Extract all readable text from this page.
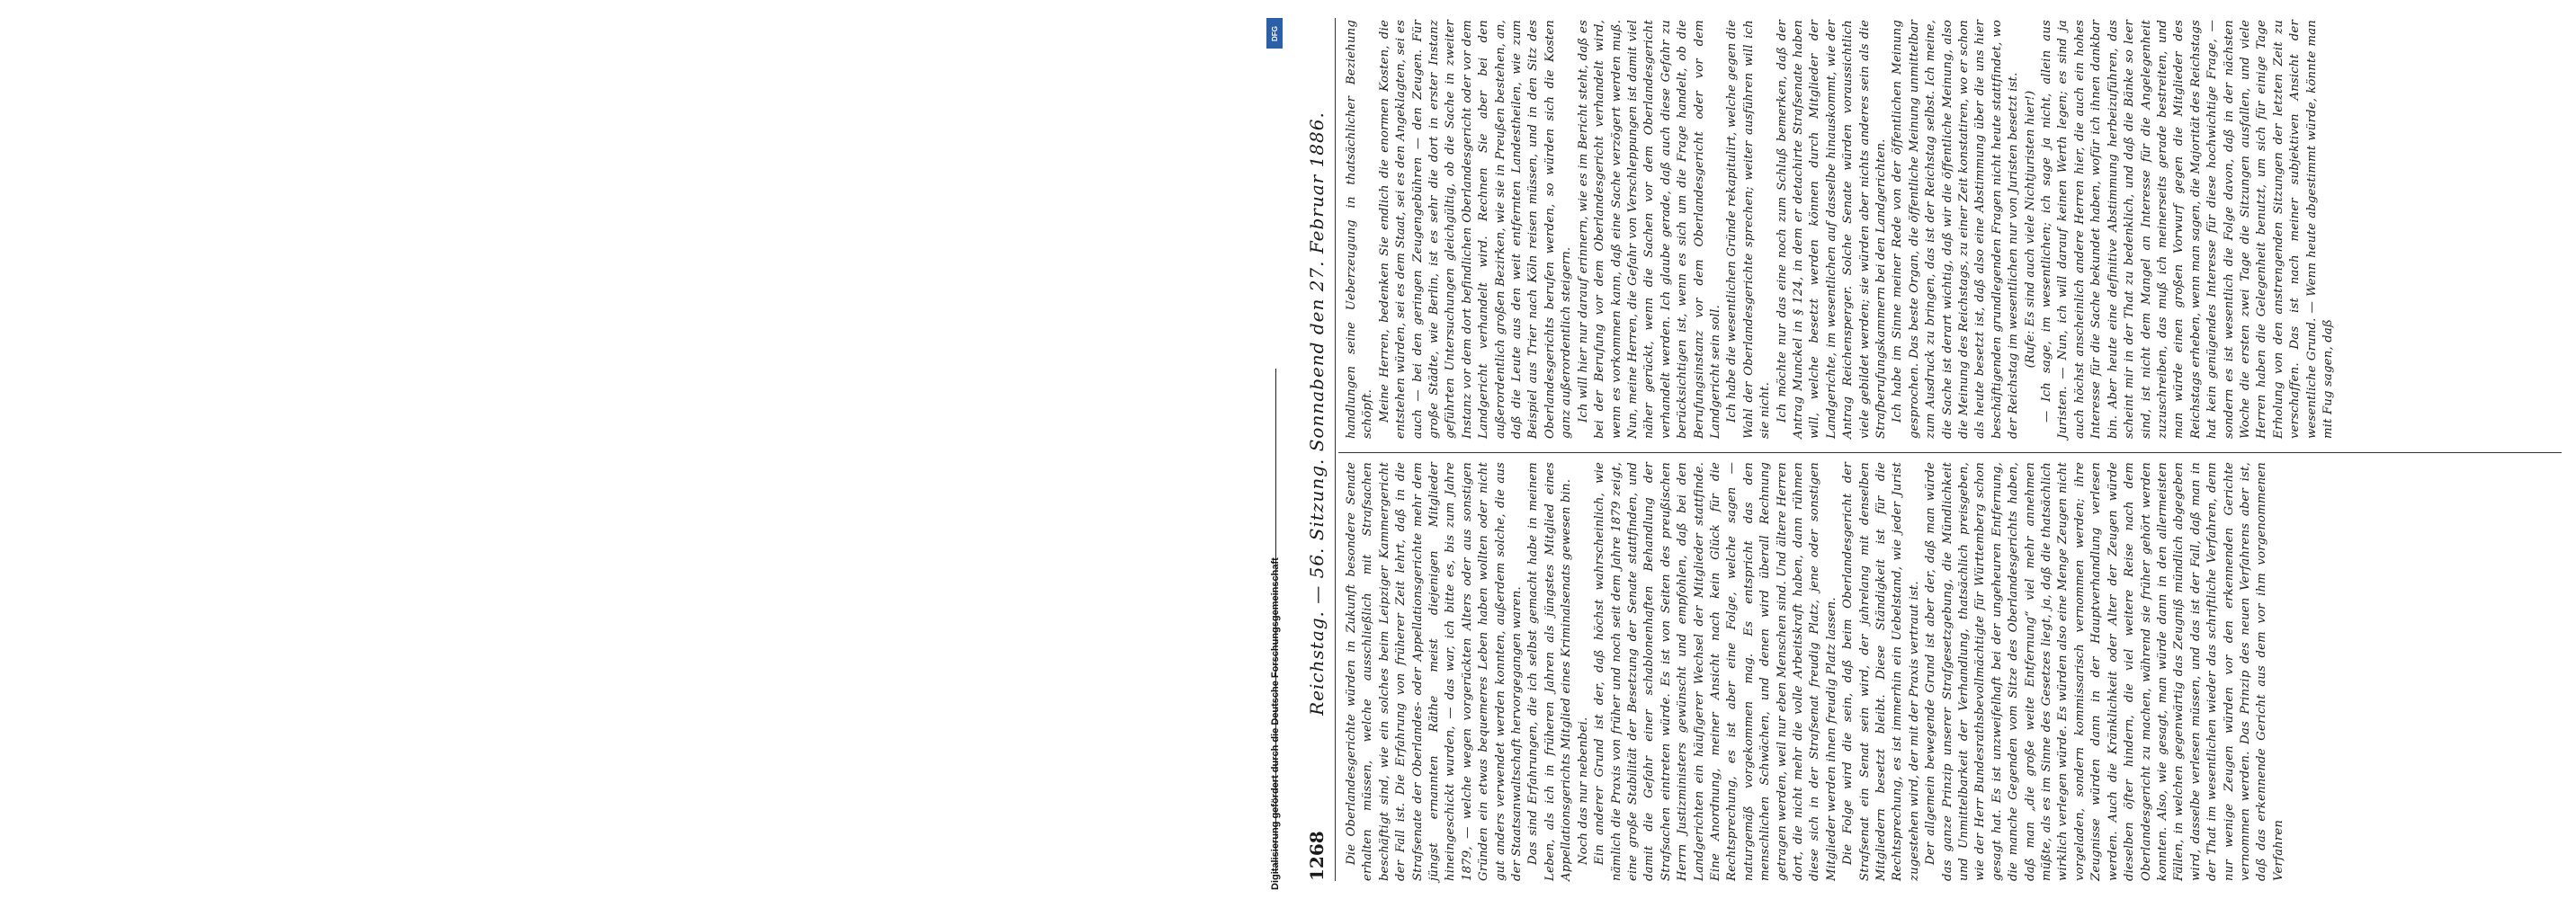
1268
Reichstag. — 56. Sitzung. Sonnabend den 27. Februar 1886. Die Oberlandesgerichte würden in Zukunft besondere Senate erhalten müssen, welche ausschließlich mit Strafsachen beschäftigt sind, wie ein solches beim Leipziger Kammergericht der Fall ist. Die Erfahrung von früherer Zeit lehrt, daß in die Strafsenate der Oberlandes- oder Appellationsgerichte mehr dem jüngst ernannten Räthe meist diejenigen Mitglieder hineingeschickt wurden, — das war, ich bitte es, bis zum Jahre 1879, — welche wegen vorgerückten Alters oder aus sonstigen Gründen ein etwas bequemeres Leben haben wollten oder nicht gut anders verwendet werden konnten, außerdem solche, die aus der Staatsanwaltschaft hervorgegangen waren. Das sind Erfahrungen, die ich selbst gemacht habe in meinem Leben, als ich in früheren Jahren als jüngstes Mitglied eines Appellationsgerichts Mitglied eines Kriminalsenats gewesen bin. Noch das nur nebenbei. Ein anderer Grund ist der, daß höchst wahrscheinlich, wie nämlich die Praxis von früher und noch seit dem Jahre 1879 zeigt, eine große Stabilität der Besetzung der Senate stattfinden, und damit die Gefahr einer schablonenhaften Behandlung der Strafsachen eintreten würde. Es ist von Seiten des preußischen Herrn Justizministers gewünscht und empfohlen, daß bei den Landgerichten ein häufigerer Wechsel der Mitglieder stattfinde. Eine Anordnung, meiner Ansicht nach kein Glück für die Rechtsprechung, es ist aber eine Folge, welche sagen — naturgemäß vorgekommen mag. Es entspricht das den menschlichen Schwächen, und denen wird überall Rechnung getragen werden, weil nur eben Menschen sind. Und ältere Herren dort, die nicht mehr die volle Arbeitskraft haben, dann rühmen diese sich in der Strafsenat freudig Platz, jene oder sonstigen Mitglieder werden ihnen freudig Platz lassen. Die Folge wird die sein, daß beim Oberlandesgericht der Strafsenat ein Senat sein wird, der jahrelang mit denselben Mitgliedern besetzt bleibt. Diese Ständigkeit ist für die Rechtsprechung, es ist immerhin ein Uebelstand, wie jeder Jurist zugestehen wird, der mit der Praxis vertraut ist. Der allgemein bewegende Grund ist aber der, daß man würde das ganze Prinzip unserer Strafgesetzgebung, die Mündlichkeit und Unmittelbarkeit der Verhandlung, thatsächlich preisgeben, wie der Herr Bundesrathsbevollmächtigte für Württemberg schon gesagt hat. Es ist unzweifelhaft bei der ungeheuren Entfernung, die manche Gegenden vom Sitze des Oberlandesgerichts haben, daß man „die große weite Entfernung“ viel mehr annehmen müßte, als es im Sinne des Gesetzes liegt, ja, daß die thatsächlich wirklich verlegen würde. Es würden also eine Menge Zeugen nicht vorgeladen, sondern kommissarisch vernommen werden; ihre Zeugnisse würden dann in der Hauptverhandlung verlesen werden. Auch die Kränklichkeit oder Alter der Zeugen würde dieselben öfter hindern, die viel weitere Reise nach dem Oberlandesgericht zu machen, während sie früher gehört werden konnten. Also, wie gesagt, man würde dann in den allermeisten Fällen, in welchen gegenwärtig das Zeugniß mündlich abgegeben wird, dasselbe verlesen müssen, und das ist der Fall, daß man in der That im wesentlichen wieder das schriftliche Verfahren, denn nur wenige Zeugen würden vor den erkennenden Gerichte vernommen werden. Das Prinzip des neuen Verfahrens aber ist, daß das erkennende Gericht aus dem vor ihm vorgenommenen Verfahren

handlungen seine Ueberzeugung in thatsächlicher Beziehung schöpft. Meine Herren, bedenken Sie endlich die enormen Kosten, die entstehen würden, sei es dem Staat, sei es den Angeklagten, sei es auch — bei den geringen Zeugengebühren — den Zeugen. Für große Städte, wie Berlin, ist es sehr die dort in erster Instanz geführten Untersuchungen gleichgültig, ob die Sache in zweiter Instanz vor dem dort befindlichen Oberlandesgericht oder vor dem Landgericht verhandelt wird. Rechnen Sie aber bei den außerordentlich großen Bezirken, wie sie in Preußen bestehen, an, daß die Leute aus den weit entfernten Landestheilen, wie zum Beispiel aus Trier nach Köln reisen müssen, und in den Sitz des Oberlandesgerichts berufen werden, so würden sich die Kosten ganz außerordentlich steigern. Ich will hier nur darauf erinnern, wie es im Bericht steht, daß es bei der Berufung vor dem Oberlandesgericht verhandelt wird, wenn es vorkommen kann, daß eine Sache verzögert werden muß. Nun, meine Herren, die Gefahr von Verschleppungen ist damit viel näher gerückt, wenn die Sachen vor dem Oberlandesgericht verhandelt werden. Ich glaube gerade, daß auch diese Gefahr zu berücksichtigen ist, wenn es sich um die Frage handelt, ob die Berufungsinstanz vor dem Oberlandesgericht oder vor dem Landgericht sein soll. Ich habe die wesentlichen Gründe rekapitulirt, welche gegen die Wahl der Oberlandesgerichte sprechen; weiter ausführen will ich sie nicht. Ich möchte nur das eine noch zum Schluß bemerken, daß der Antrag Munckel in § 124, in dem er detachirte Strafsenate haben will, welche besetzt werden können durch Mitglieder der Landgerichte, im wesentlichen auf dasselbe hinauskommt, wie der Antrag Reichensperger. Solche Senate würden voraussichtlich viele gebildet werden; sie würden aber nichts anderes sein als die Strafberufungskammern bei den Landgerichten. Ich habe im Sinne meiner Rede von der öffentlichen Meinung gesprochen. Das beste Organ, die öffentliche Meinung unmittelbar zum Ausdruck zu bringen, das ist der Reichstag selbst. Ich meine, die Sache ist derart wichtig, daß wir die öffentliche Meinung, also die Meinung des Reichstags, zu einer Zeit konstatiren, wo er schon als heute besetzt ist, daß also eine Abstimmung über die uns hier beschäftigenden grundlegenden Fragen nicht heute stattfindet, wo der Reichstag im wesentlichen nur von Juristen besetzt ist. (Rufe: Es sind auch viele Nichtjuristen hier!) — Ich sage, im wesentlichen; ich sage ja nicht, allein aus Juristen. — Nun, ich will darauf keinen Werth legen; es sind ja auch höchst anscheinlich andere Herren hier, die auch ein hohes Interesse für die Sache bekundet haben, wofür ich ihnen dankbar bin. Aber heute eine definitive Abstimmung herbeizuführen, das scheint mir in der That zu bedenklich, und daß die Bänke so leer sind, ist nicht dem Mangel an Interesse für die Angelegenheit zuzuschreiben, das muß ich meinerseits gerade bestreiten, und man würde einen großen Vorwurf gegen die Mitglieder des Reichstags erheben, wenn man sagen, die Majorität des Reichstags hat kein genügendes Interesse für diese hochwichtige Frage, — sondern es ist wesentlich die Folge davon, daß in der nächsten Woche die ersten zwei Tage die Sitzungen ausfallen, und viele Herren haben die Gelegenheit benutzt, um sich für einige Tage Erholung von den anstrengenden Sitzungen der letzten Zeit zu verschaffen. Das ist nach meiner subjektiven Ansicht der wesentliche Grund. — Wenn heute abgestimmt würde, könnte man mit Fug sagen, daß

DFG
Digitalisierung gefördert durch die Deutsche Forschungsgemeinschaft
